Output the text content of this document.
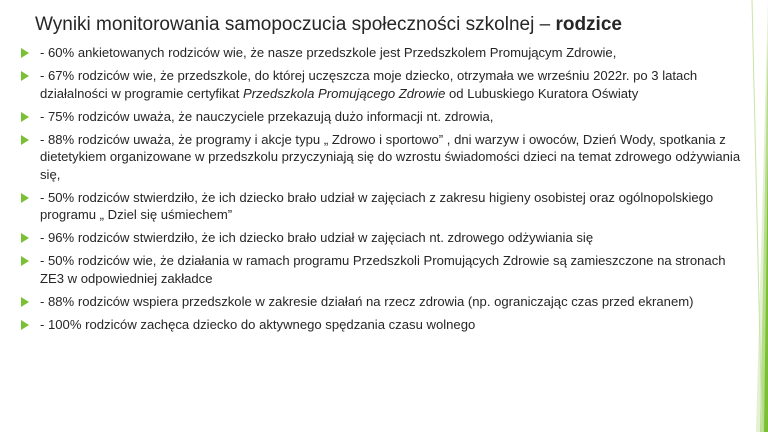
Wyniki monitorowania samopoczucia społeczności szkolnej – rodzice
- 60% ankietowanych rodziców wie, że nasze przedszkole jest Przedszkolem Promującym Zdrowie,
- 67% rodziców wie, że przedszkole, do której uczęszcza moje dziecko, otrzymała we wrześniu 2022r. po 3 latach działalności w programie certyfikat Przedszkola Promującego Zdrowie od Lubuskiego Kuratora Oświaty
- 75% rodziców uważa, że nauczyciele przekazują dużo informacji nt. zdrowia,
- 88% rodziców uważa, że programy i akcje typu „ Zdrowo i sportowo” , dni warzyw i owoców, Dzień Wody, spotkania z dietetykiem organizowane w przedszkolu przyczyniają się do wzrostu świadomości dzieci na temat zdrowego odżywiania się,
- 50% rodziców stwierdziło, że ich dziecko brało udział w zajęciach z zakresu higieny osobistej oraz ogólnopolskiego programu „ Dziel się uśmiechem”
- 96% rodziców stwierdziło, że ich dziecko brało udział w zajęciach nt. zdrowego odżywiania się
- 50% rodziców wie, że działania w ramach programu Przedszkoli Promujących Zdrowie są zamieszczone na stronach ZE3 w odpowiedniej zakładce
- 88% rodziców wspiera przedszkole w zakresie działań na rzecz zdrowia (np. ograniczając czas przed ekranem)
- 100% rodziców zachęca dziecko do aktywnego spędzania czasu wolnego
